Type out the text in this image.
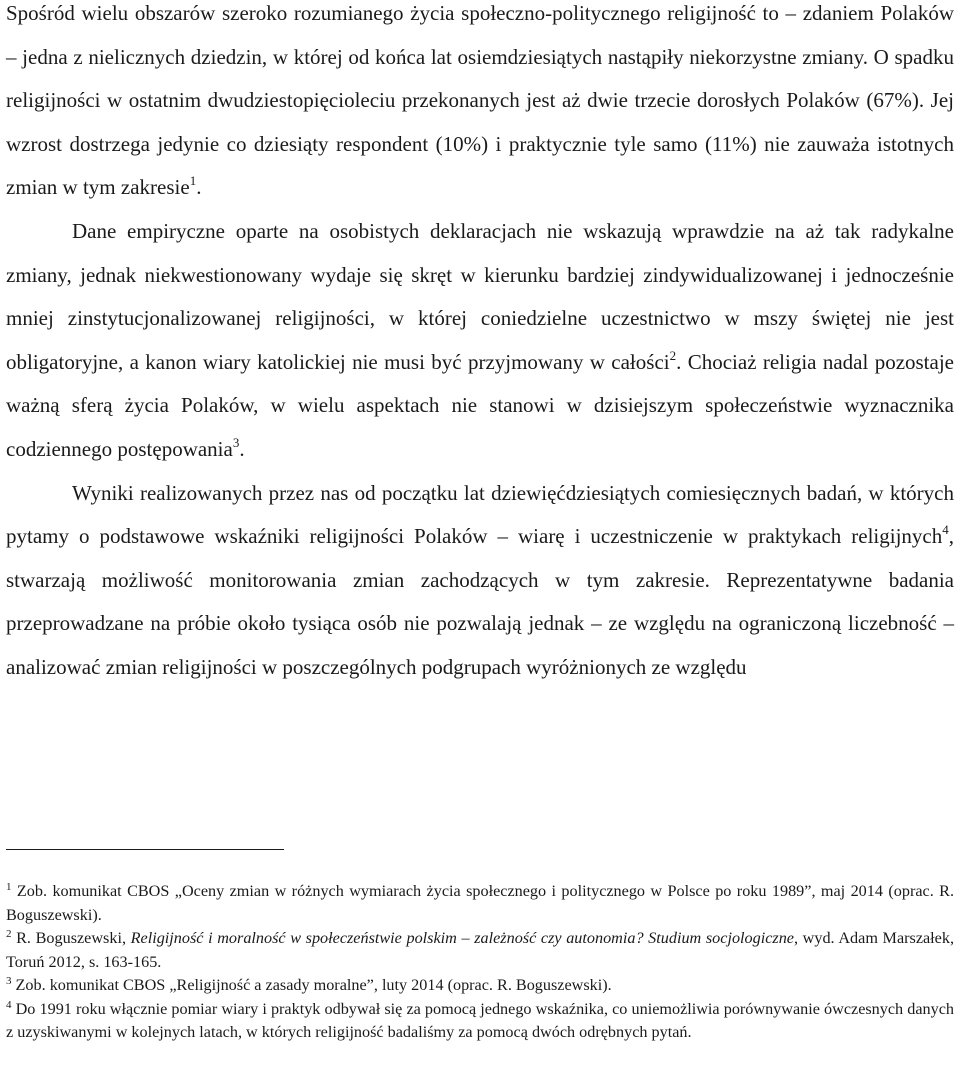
Spośród wielu obszarów szeroko rozumianego życia społeczno-politycznego religijność to – zdaniem Polaków – jedna z nielicznych dziedzin, w której od końca lat osiemdziesiątych nastąpiły niekorzystne zmiany. O spadku religijności w ostatnim dwudziestopięcioleciu przekonanych jest aż dwie trzecie dorosłych Polaków (67%). Jej wzrost dostrzega jedynie co dziesiąty respondent (10%) i praktycznie tyle samo (11%) nie zauważa istotnych zmian w tym zakresie$^1$.

Dane empiryczne oparte na osobistych deklaracjach nie wskazują wprawdzie na aż tak radykalne zmiany, jednak niekwestionowany wydaje się skręt w kierunku bardziej zindywidualizowanej i jednocześnie mniej zinstytucjonalizowanej religijności, w której coniedzielne uczestnictwo w mszy świętej nie jest obligatoryjne, a kanon wiary katolickiej nie musi być przyjmowany w całości$^2$. Chociaż religia nadal pozostaje ważną sferą życia Polaków, w wielu aspektach nie stanowi w dzisiejszym społeczeństwie wyznacznika codziennego postępowania$^3$.

Wyniki realizowanych przez nas od początku lat dziewięćdziesiątych comiesięcznych badań, w których pytamy o podstawowe wskaźniki religijności Polaków – wiarę i uczestniczenie w praktykach religijnych$^4$, stwarzają możliwość monitorowania zmian zachodzących w tym zakresie. Reprezentatywne badania przeprowadzane na próbie około tysiąca osób nie pozwalają jednak – ze względu na ograniczoną liczebność – analizować zmian religijności w poszczególnych podgrupach wyróżnionych ze względu

$^1$ Zob. komunikat CBOS „Oceny zmian w różnych wymiarach życia społecznego i politycznego w Polsce po roku 1989”, maj 2014 (oprac. R. Boguszewski).

$^2$ R. Boguszewski, Religijność i moralność w społeczeństwie polskim – zależność czy autonomia? Studium socjologiczne, wyd. Adam Marszałek, Toruń 2012, s. 163-165.

$^3$ Zob. komunikat CBOS „Religijność a zasady moralne”, luty 2014 (oprac. R. Boguszewski).

$^4$ Do 1991 roku włącznie pomiar wiary i praktyk odbywał się za pomocą jednego wskaźnika, co uniemożliwia porównywanie ówczesnych danych z uzyskiwanymi w kolejnych latach, w których religijność badaliśmy za pomocą dwóch odrębnych pytań.
